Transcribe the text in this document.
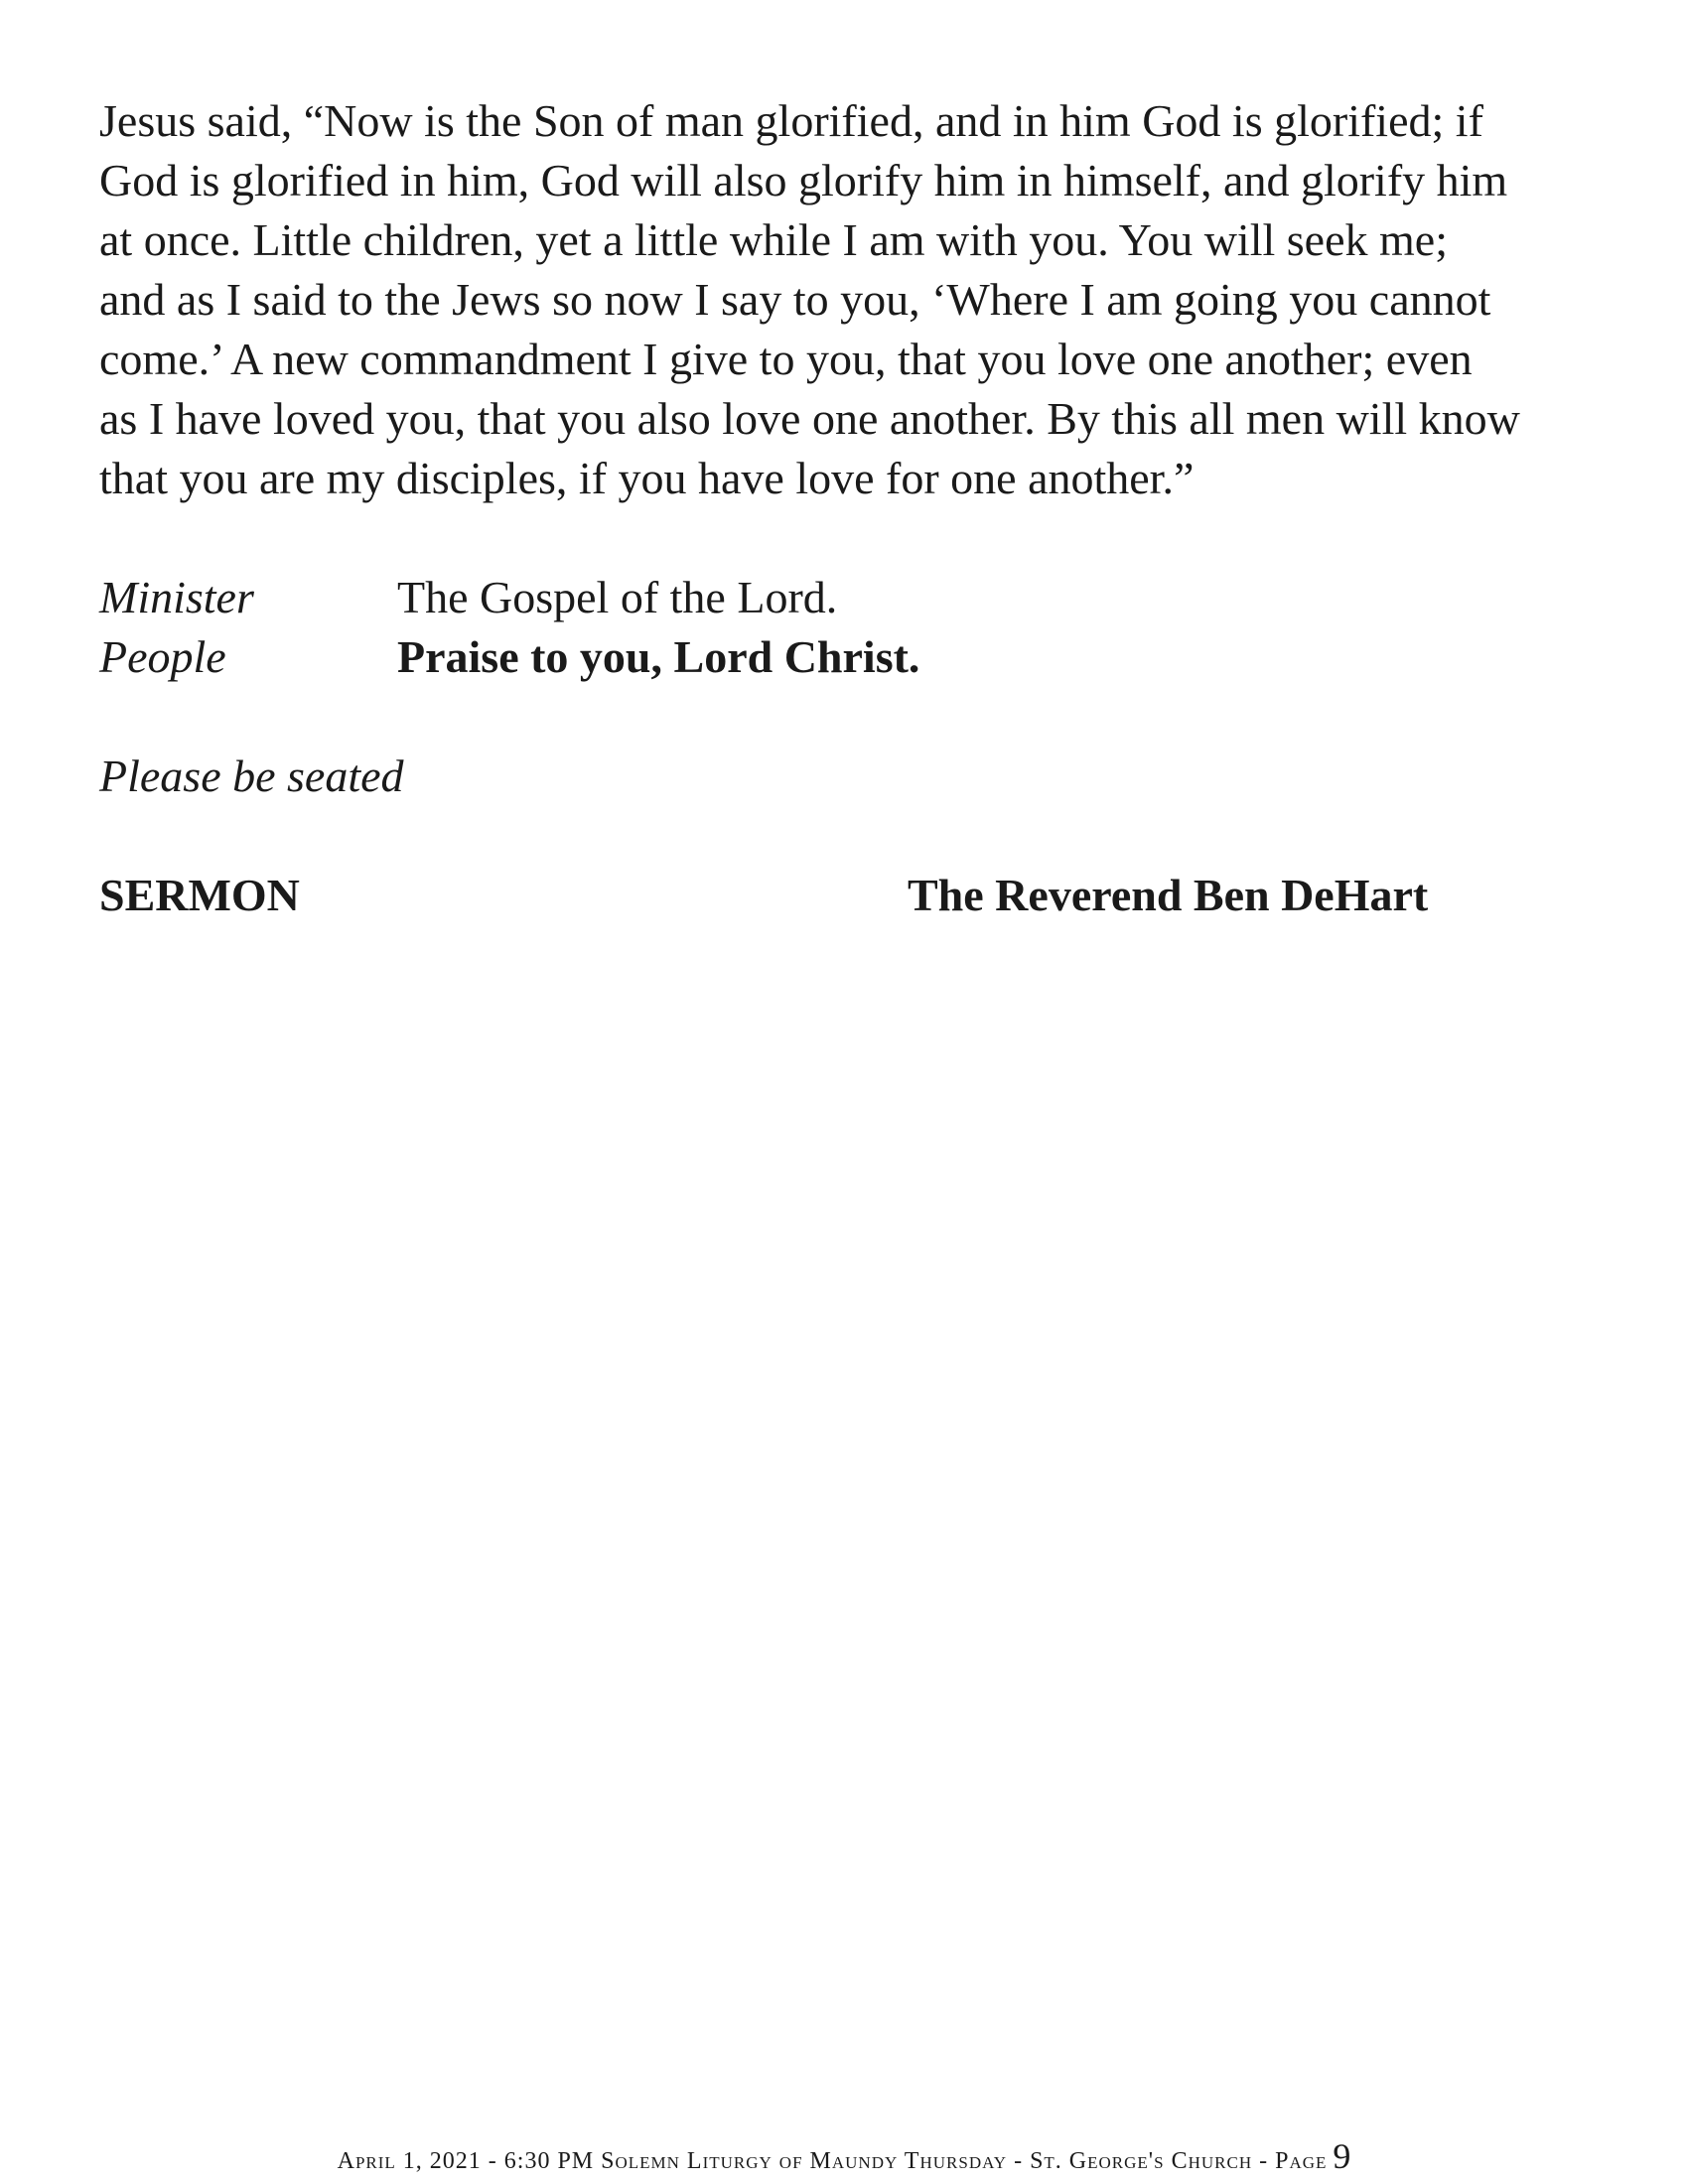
Jesus said, “Now is the Son of man glorified, and in him God is glorified; if
God is glorified in him, God will also glorify him in himself, and glorify him
at once. Little children, yet a little while I am with you. You will seek me;
and as I said to the Jews so now I say to you, ‘Where I am going you cannot
come.’ A new commandment I give to you, that you love one another; even
as I have loved you, that you also love one another. By this all men will know
that you are my disciples, if you have love for one another.”

Minister	The Gospel of the Lord.
People	Praise to you, Lord Christ.
Please be seated
SERMON	The Reverend Ben DeHart
April 1, 2021 - 6:30 PM Solemn Liturgy of Maundy Thursday - St. George's Church - Page 9
